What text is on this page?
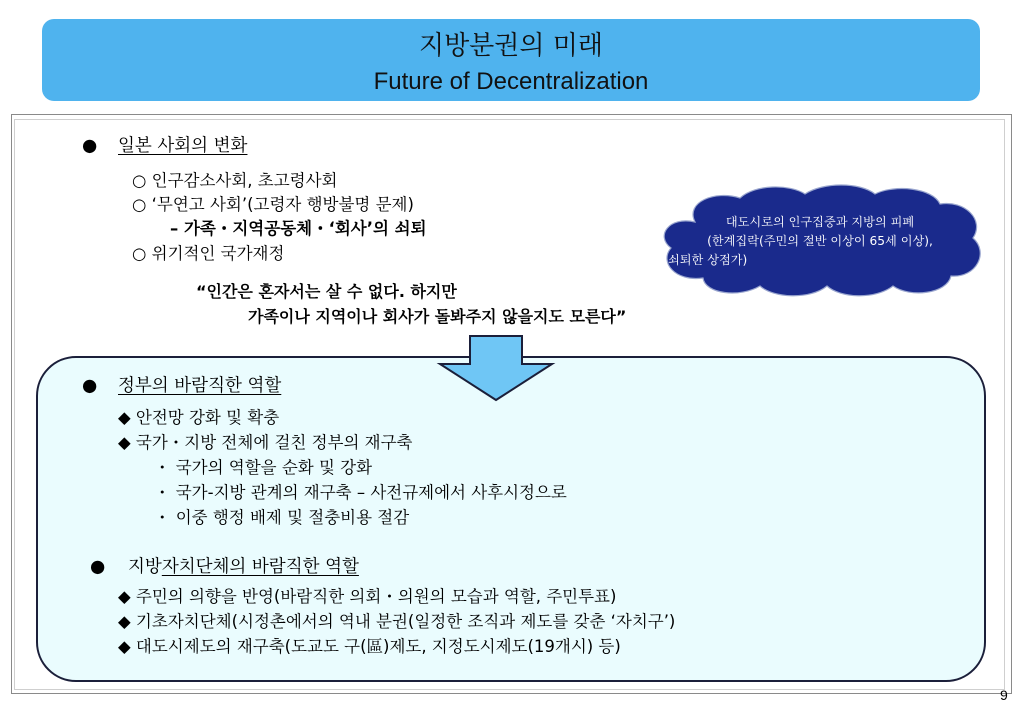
지방분권의 미래
Future of Decentralization
● 일본 사회의 변화
○ 인구감소사회, 초고령사회
○ ‘무연고 사회’(고령자 행방불명 문제)
– 가족・지역공동체・‘회사’의 쇠퇴
○ 위기적인 국가재정
“인간은 혼자서는 살 수 없다. 하지만
가족이나 지역이나 회사가 돌봐주지 않을지도 모른다”
대도시로의 인구집중과 지방의 피폐
(한계집락(주민의 절반 이상이 65세 이상),
쇠퇴한 상점가)
● 정부의 바람직한 역할
◆ 안전망 강화 및 확충
◆ 국가・지방 전체에 걸친 정부의 재구축
・ 국가의 역할을 순화 및 강화
・ 국가-지방 관계의 재구축 – 사전규제에서 사후시정으로
・ 이중 행정 배제 및 절충비용 절감
● 지방자치단체의 바람직한 역할
◆ 주민의 의향을 반영(바람직한 의회・의원의 모습과 역할, 주민투표)
◆ 기초자치단체(시정촌에서의 역내 분권(일정한 조직과 제도를 갖춘 ‘자치구’)
◆ 대도시제도의 재구축(도교도 구(區)제도, 지정도시제도(19개시) 등)
9
